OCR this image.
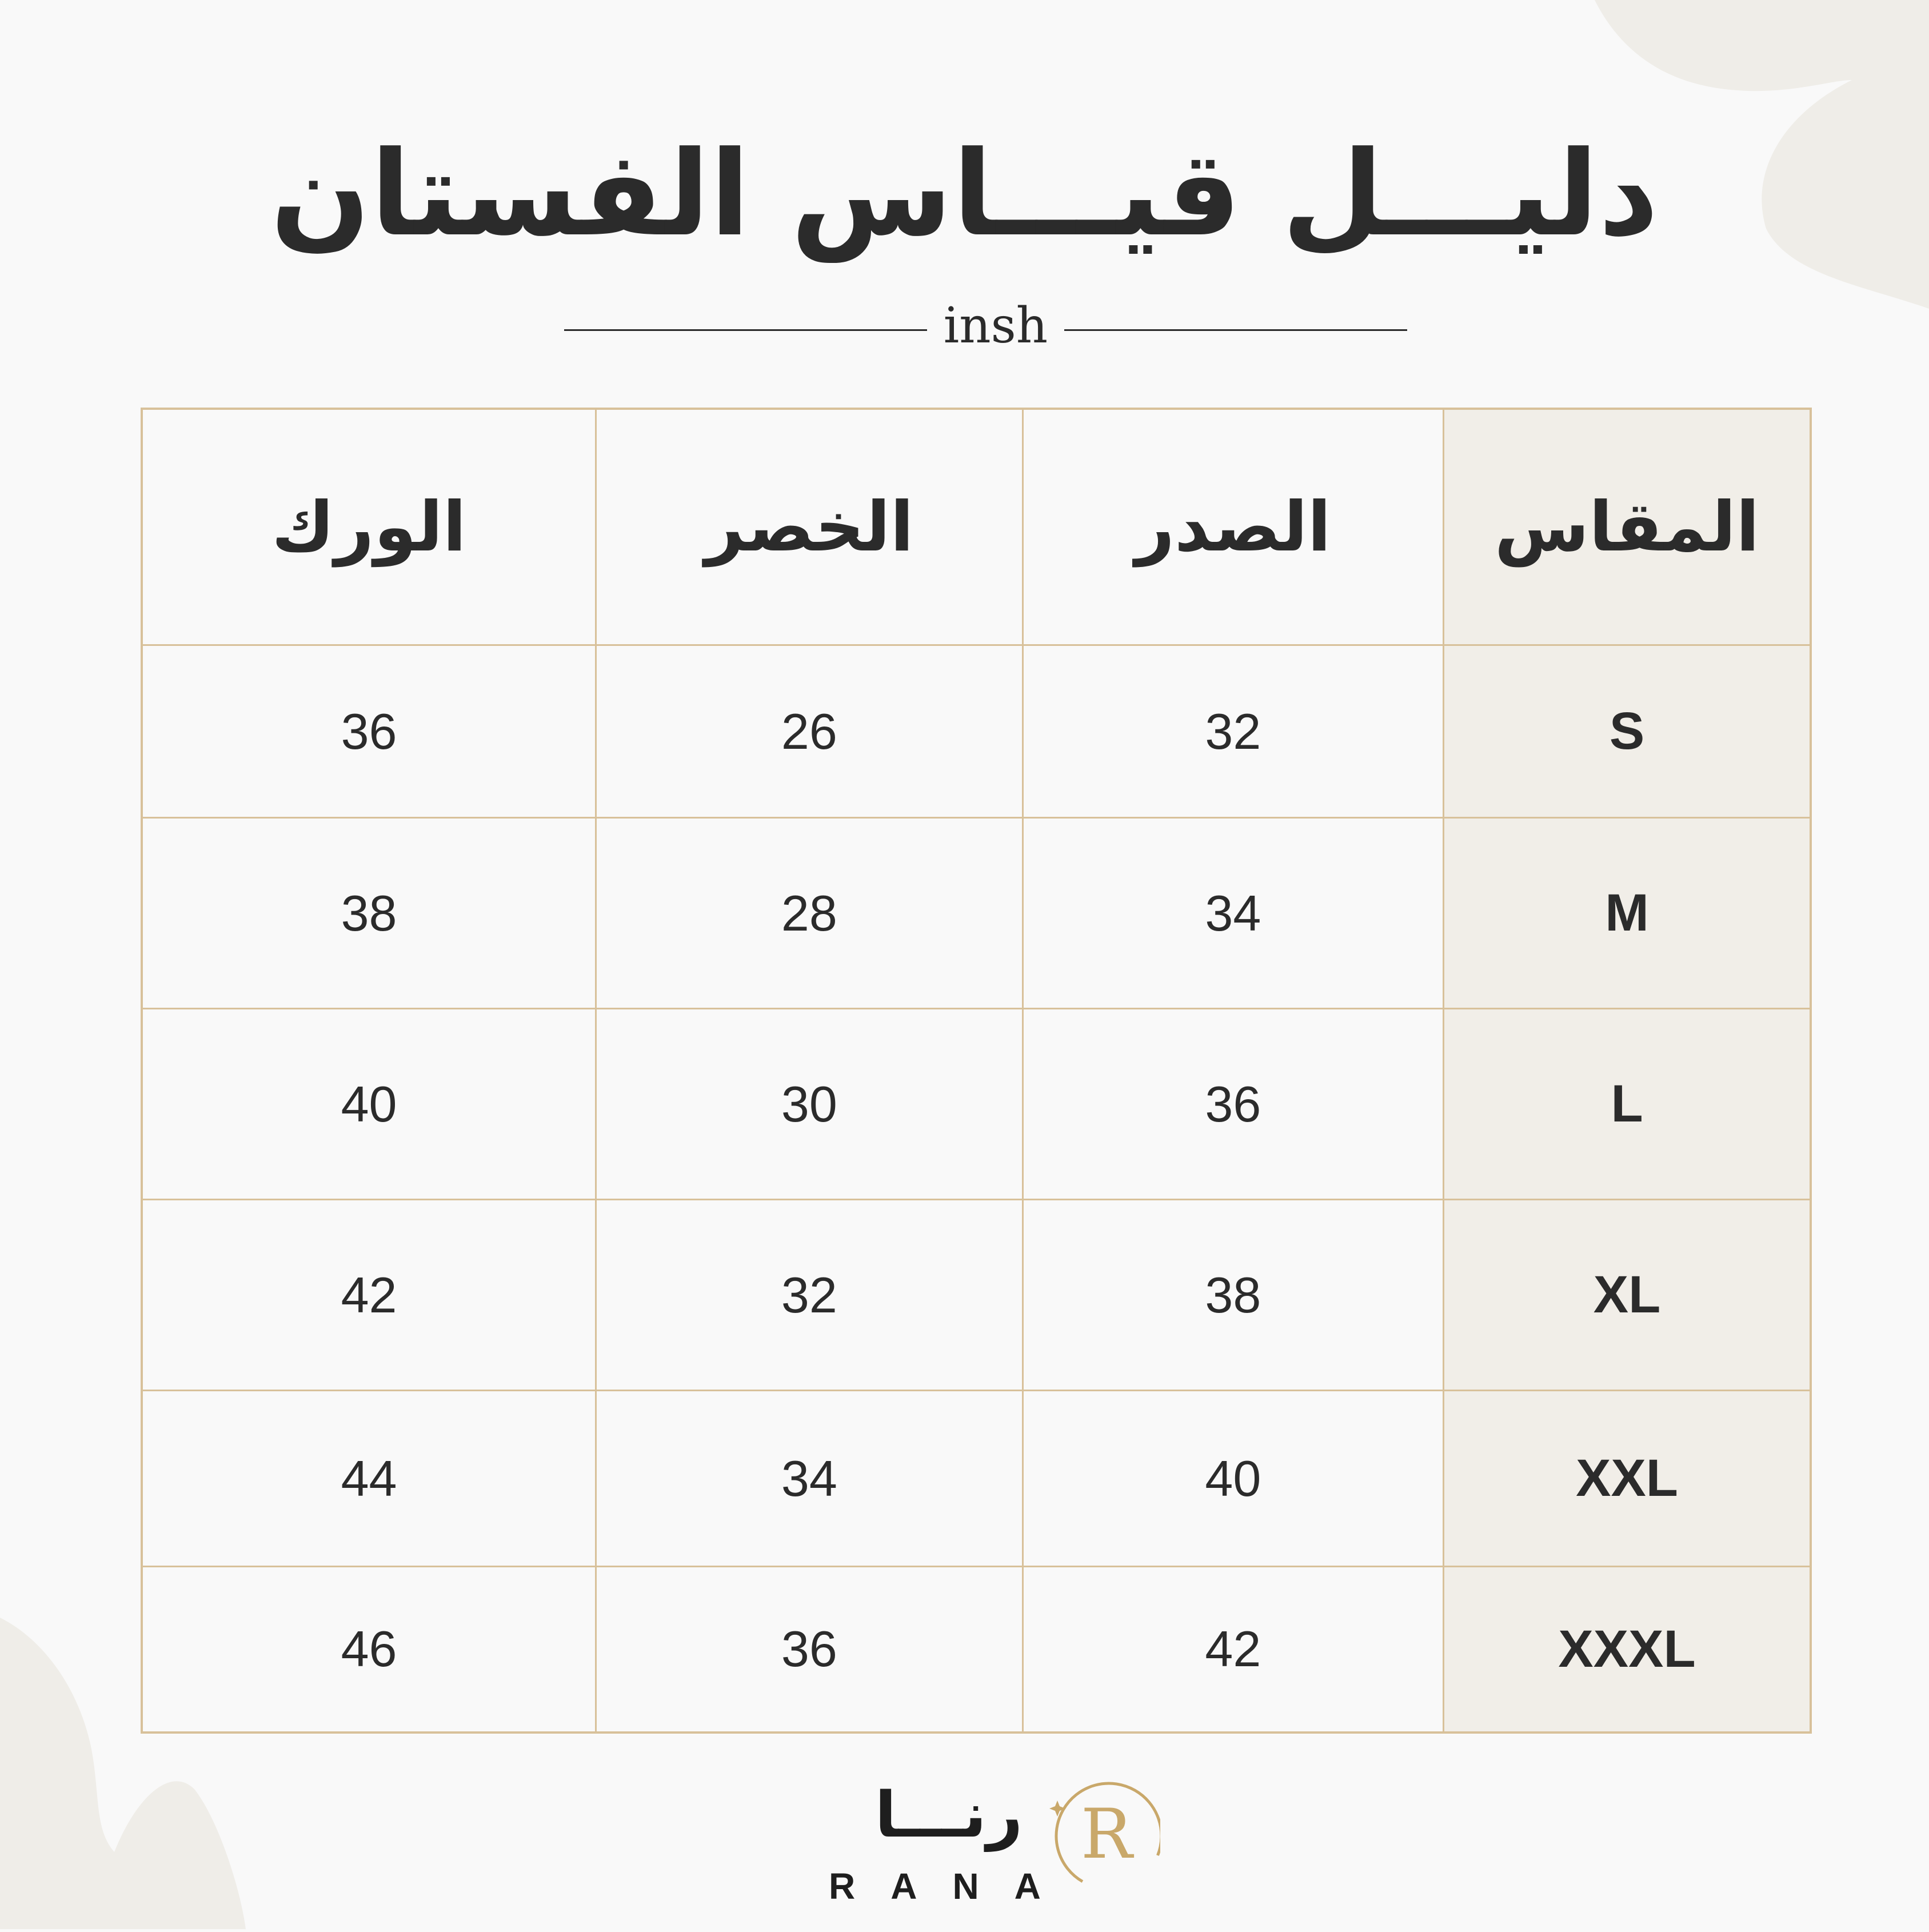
دليـــل قيـــاس الفستان
insh
الورك	الخصر	الصدر	المقاس
36	26	32	S
38	28	34	M
40	30	36	L
42	32	38	XL
44	34	40	XXL
46	36	42	XXXL
رنـــا
RANA
R
